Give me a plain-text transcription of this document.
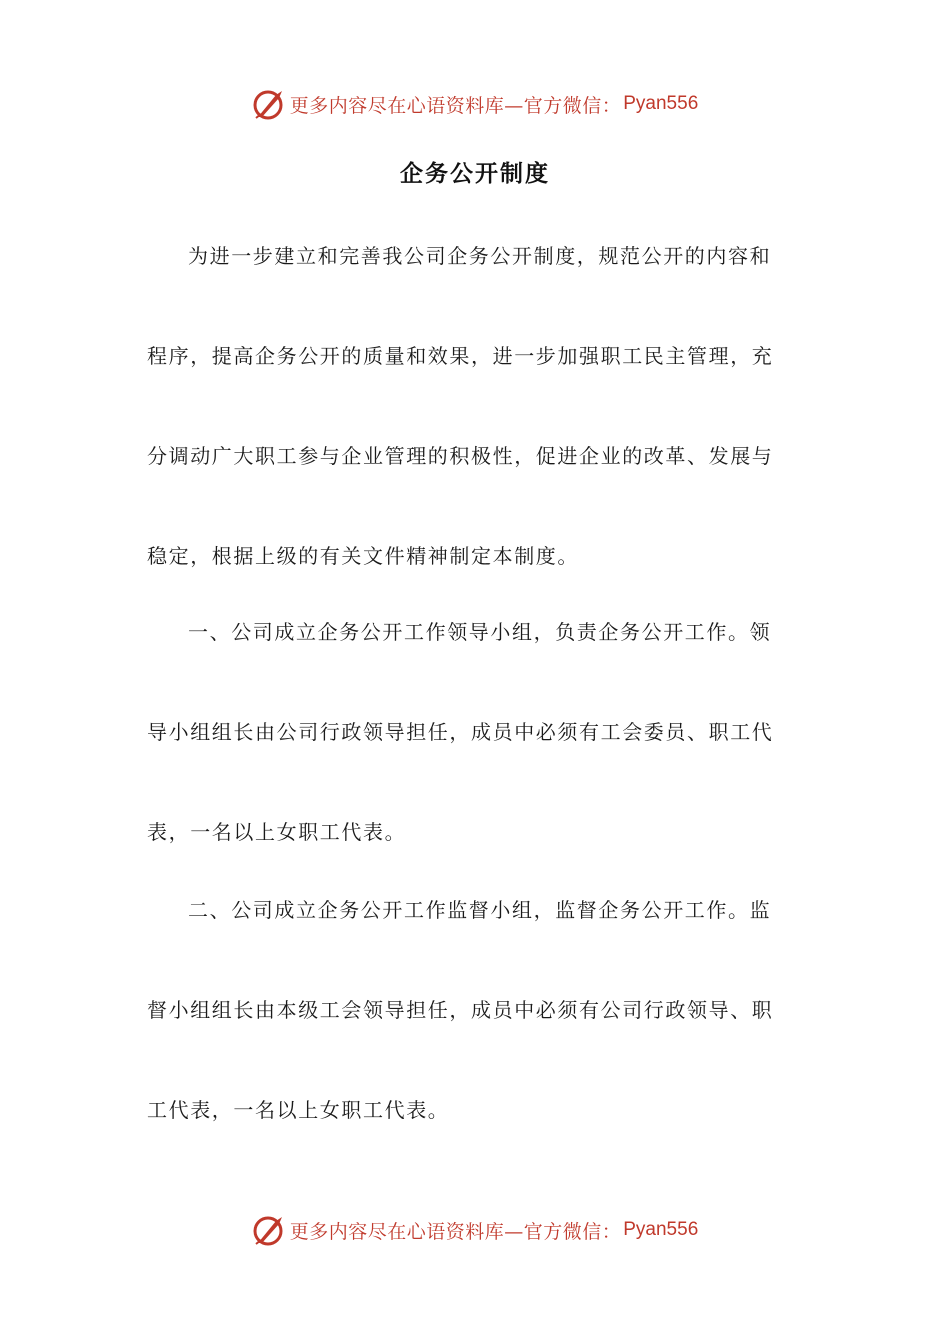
更多内容尽在心语资料库—官方微信： Pyan556
企务公开制度
为进一步建立和完善我公司企务公开制度，规范公开的内容和
程序，提高企务公开的质量和效果，进一步加强职工民主管理，充
分调动广大职工参与企业管理的积极性，促进企业的改革、发展与
稳定，根据上级的有关文件精神制定本制度。
一、公司成立企务公开工作领导小组，负责企务公开工作。领
导小组组长由公司行政领导担任，成员中必须有工会委员、职工代
表，一名以上女职工代表。
二、公司成立企务公开工作监督小组，监督企务公开工作。监
督小组组长由本级工会领导担任，成员中必须有公司行政领导、职
工代表，一名以上女职工代表。
更多内容尽在心语资料库—官方微信： Pyan556
